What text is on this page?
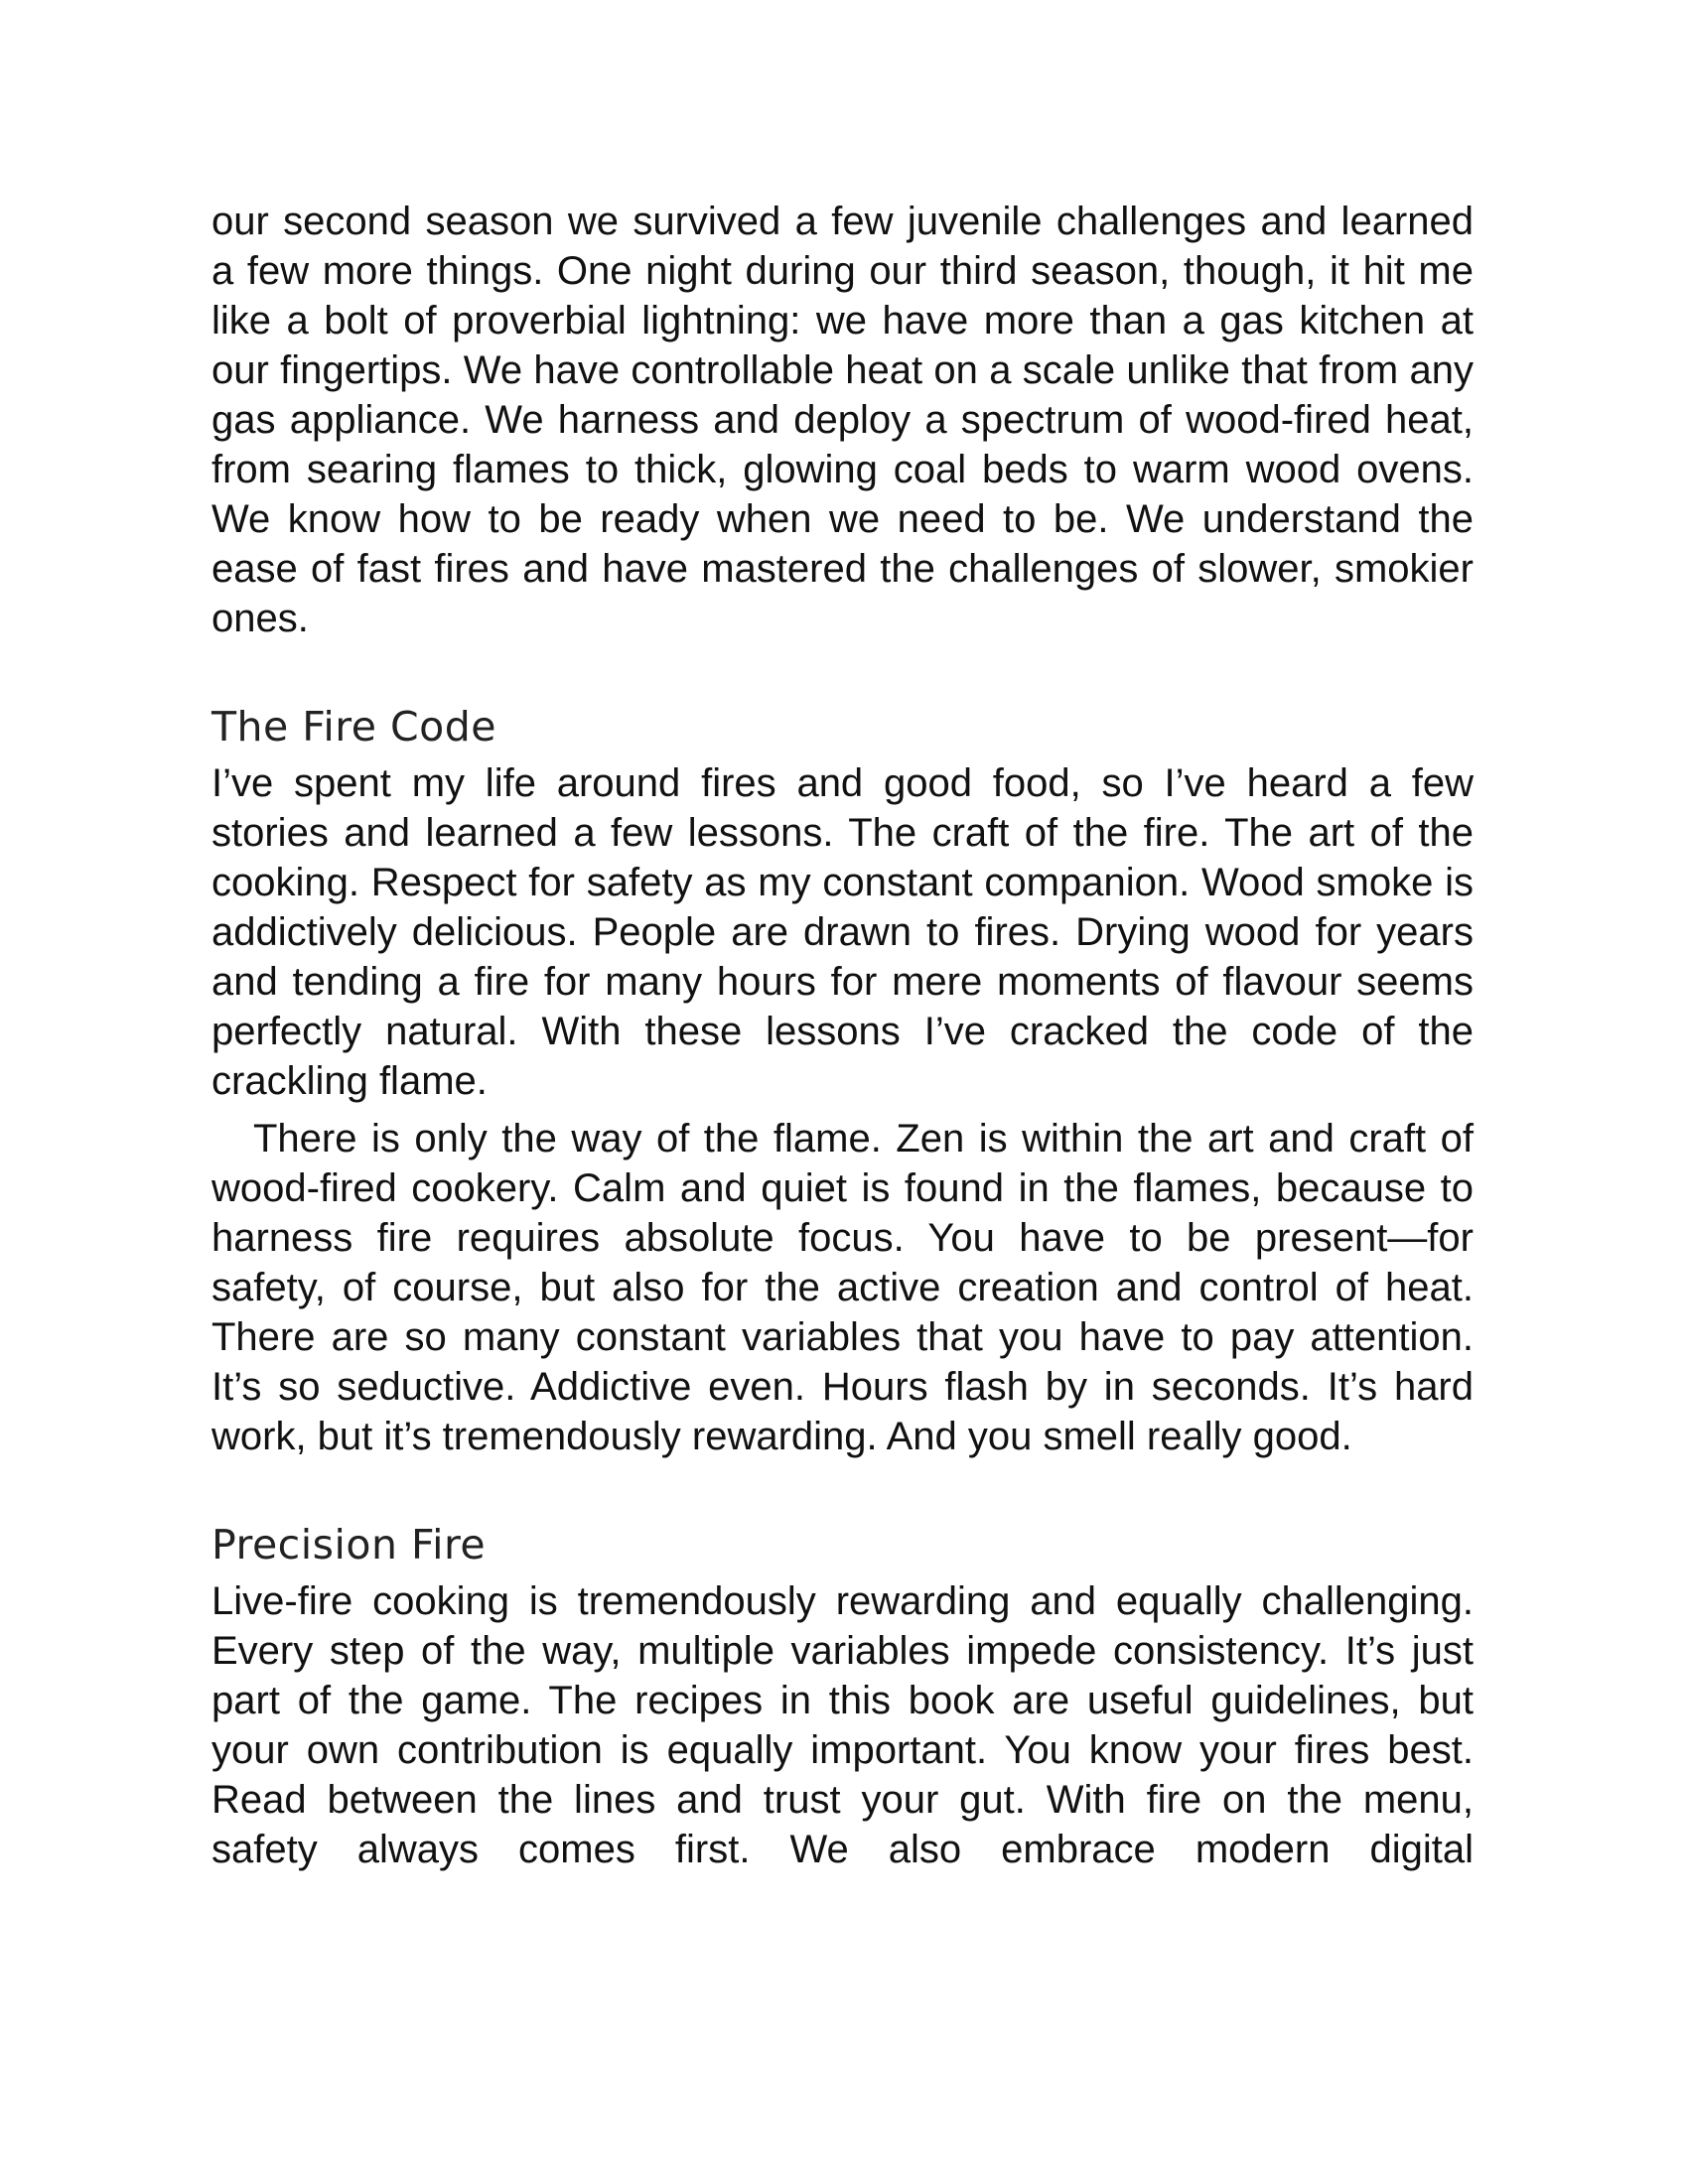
our second season we survived a few juvenile challenges and learned a few more things. One night during our third season, though, it hit me like a bolt of proverbial lightning: we have more than a gas kitchen at our fingertips. We have controllable heat on a scale unlike that from any gas appliance. We harness and deploy a spectrum of wood-fired heat, from searing flames to thick, glowing coal beds to warm wood ovens. We know how to be ready when we need to be. We understand the ease of fast fires and have mastered the challenges of slower, smokier ones.

The Fire Code

I’ve spent my life around fires and good food, so I’ve heard a few stories and learned a few lessons. The craft of the fire. The art of the cooking. Respect for safety as my constant companion. Wood smoke is addictively delicious. People are drawn to fires. Drying wood for years and tending a fire for many hours for mere moments of flavour seems perfectly natural. With these lessons I’ve cracked the code of the crackling flame.

There is only the way of the flame. Zen is within the art and craft of wood-fired cookery. Calm and quiet is found in the flames, because to harness fire requires absolute focus. You have to be present—for safety, of course, but also for the active creation and control of heat. There are so many constant variables that you have to pay attention. It’s so seductive. Addictive even. Hours flash by in seconds. It’s hard work, but it’s tremendously rewarding. And you smell really good.

Precision Fire

Live-fire cooking is tremendously rewarding and equally challenging. Every step of the way, multiple variables impede consistency. It’s just part of the game. The recipes in this book are useful guidelines, but your own contribution is equally important. You know your fires best. Read between the lines and trust your gut. With fire on the menu, safety always comes first. We also embrace modern digital
